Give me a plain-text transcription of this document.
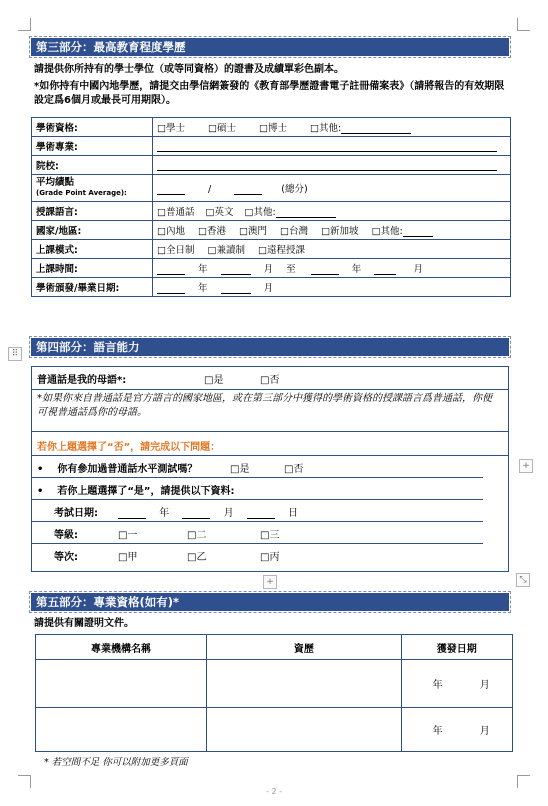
第三部分：最高教育程度學歷
請提供你所持有的學士學位（或等同資格）的證書及成績單彩色副本。
*如你持有中國內地學歷，請提交由學信網簽發的《教育部學歷證書電子註冊備案表》（請將報告的有效期限設定爲6個月或最長可用期限）。
學術資格:	□學士 □碩士 □博士 □其他:
學術專業:	
院校:	

平均績點
(Grade Point Average):	/ (總分)
授課語言:	□普通話 □英文 □其他:
國家/地區:	□內地 □香港 □澳門 □台灣 □新加坡 □其他:
上課模式:	□全日制 □兼讀制 □遠程授課
上課時間:	年 月 至 年 月
學術頒發/畢業日期:	年 月
⠿	第四部分：語言能力
普通話是我的母語*:	□是	□否
*如果你來自普通話是官方語言的國家地區，或在第三部分中獲得的學術資格的授課語言爲普通話，你便可視普通話爲你的母語。
若你上題選擇了“否”，請完成以下問題：
•    你有參加過普通話水平測試嗎？	□是	□否
•    若你上題選擇了“是”，請提供以下資料:
考試日期:	年	月	日
等級:	□一	□二	□三
等次:	□甲	□乙	□丙
+
+	⤡
第五部分：專業資格(如有)*
請提供有關證明文件。
專業機構名稱	資歷	獲發日期
		年 月
		年 月
* 若空間不足 你可以附加更多頁面
- 2 -
